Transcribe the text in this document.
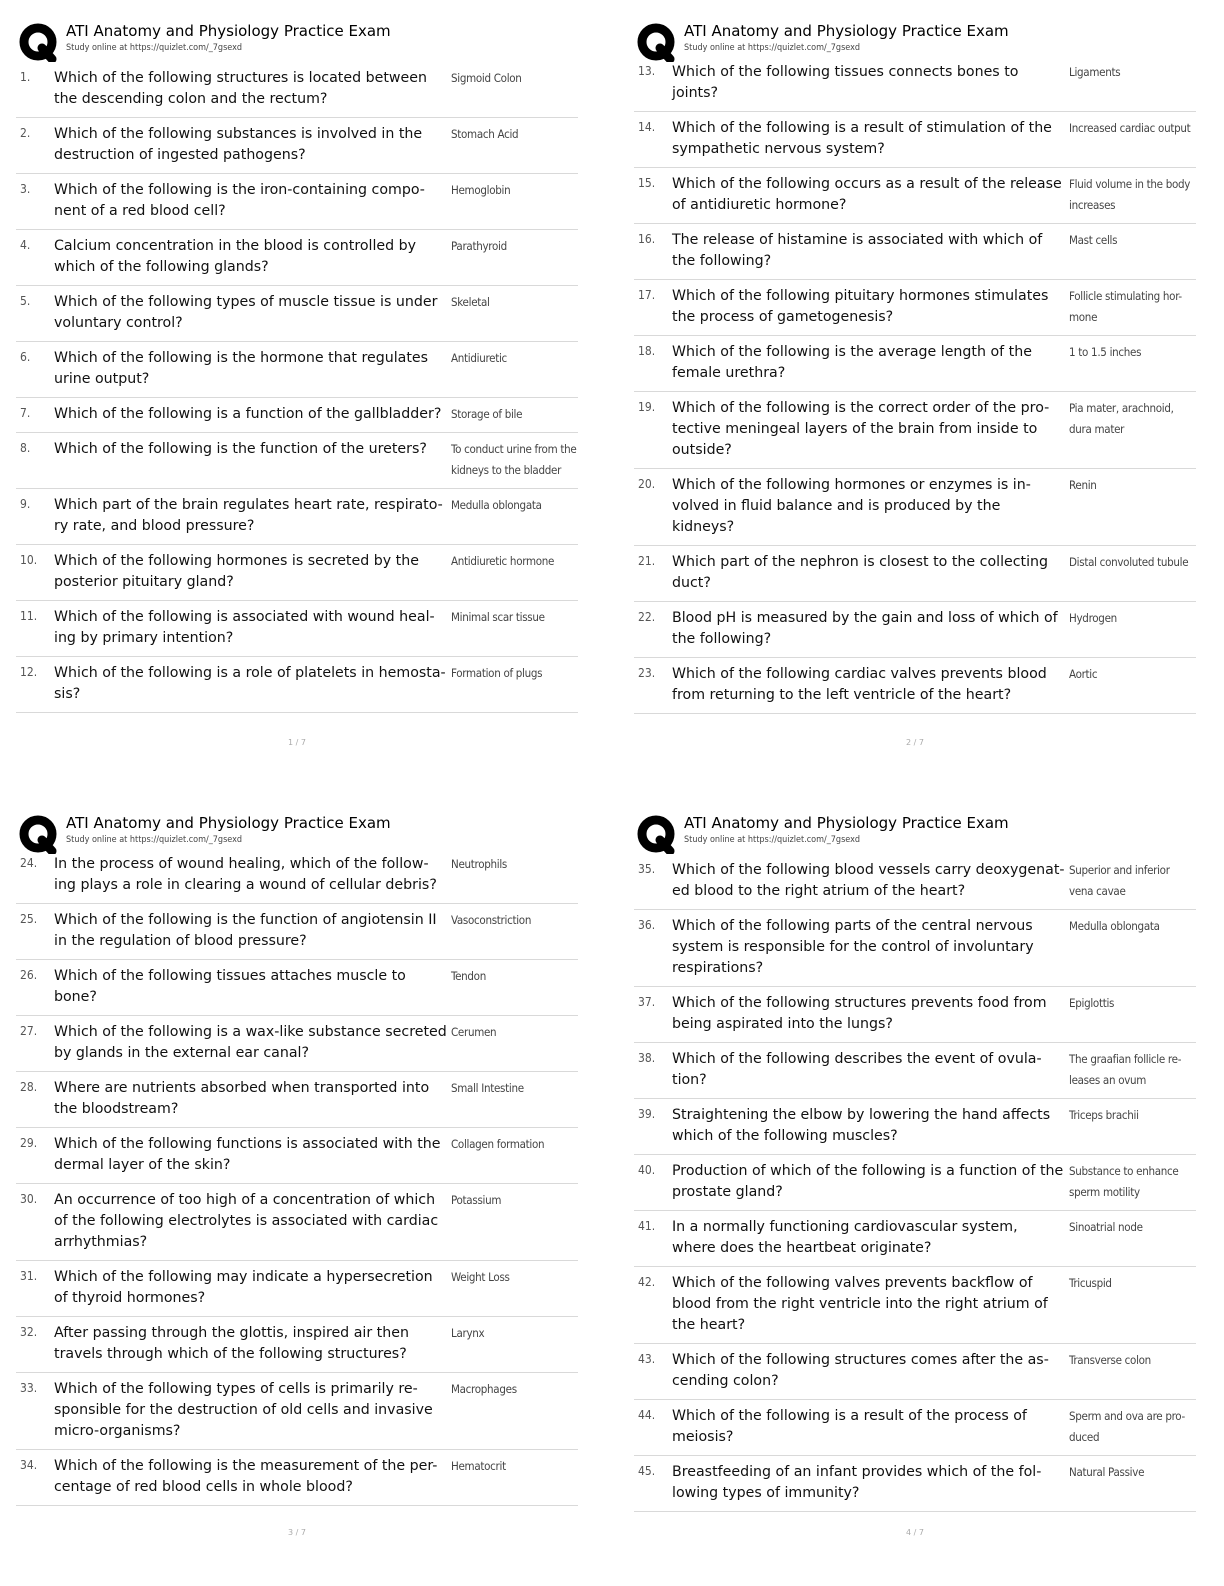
ATI Anatomy and Physiology Practice Exam
Study online at https://quizlet.com/_7gsexd
1.	Which of the following structures is located between the descending colon and the rectum?
Sigmoid Colon
2.	Which of the following substances is involved in the destruction of ingested pathogens?
Stomach Acid
3.	Which of the following is the iron-containing compo- nent of a red blood cell?
Hemoglobin
4.	Calcium concentration in the blood is controlled by which of the following glands?
Parathyroid
5.	Which of the following types of muscle tissue is under voluntary control?
Skeletal
6.	Which of the following is the hormone that regulates urine output?
Antidiuretic
7.	Which of the following is a function of the gallbladder? Storage of bile
8.	Which of the following is the function of the ureters?	To conduct urine from the kidneys to the bladder
9.	Which part of the brain regulates heart rate, respirato- ry rate, and blood pressure?
Medulla oblongata
10.	Which of the following hormones is secreted by the posterior pituitary gland?
Antidiuretic hormone
11.	Which of the following is associated with wound heal- ing by primary intention?
Minimal scar tissue
12.	Which of the following is a role of platelets in hemosta- sis?
Formation of plugs
1 / 7
ATI Anatomy and Physiology Practice Exam
Study online at https://quizlet.com/_7gsexd
13.	Which of the following tissues connects bones to joints?
Ligaments
14.	Which of the following is a result of stimulation of the sympathetic nervous system?
Increased cardiac output
15.	Which of the following occurs as a result of the release of antidiuretic hormone?
Fluid volume in the body increases
16.	The release of histamine is associated with which of the following?
Mast cells
17.	Which of the following pituitary hormones stimulates the process of gametogenesis?
Follicle stimulating hor- mone
18.	Which of the following is the average length of the female urethra?
1 to 1.5 inches
19.	Which of the following is the correct order of the pro- tective meningeal layers of the brain from inside to outside?
Pia mater, arachnoid, dura mater
20.	Which of the following hormones or enzymes is in- volved in fluid balance and is produced by the kidneys?
Renin
21.	Which part of the nephron is closest to the collecting duct?
Distal convoluted tubule
22.	Blood pH is measured by the gain and loss of which of the following?
Hydrogen
23.	Which of the following cardiac valves prevents blood from returning to the left ventricle of the heart?
Aortic
2 / 7
ATI Anatomy and Physiology Practice Exam
Study online at https://quizlet.com/_7gsexd
24.	In the process of wound healing, which of the follow- ing plays a role in clearing a wound of cellular debris?
Neutrophils
25.	Which of the following is the function of angiotensin II in the regulation of blood pressure?
Vasoconstriction
26.	Which of the following tissues attaches muscle to bone?
Tendon
27.	Which of the following is a wax-like substance secreted by glands in the external ear canal?
Cerumen
28.	Where are nutrients absorbed when transported into the bloodstream?
Small Intestine
29.	Which of the following functions is associated with the dermal layer of the skin?
Collagen formation
30.	An occurrence of too high of a concentration of which of the following electrolytes is associated with cardiac arrhythmias?
Potassium
31.	Which of the following may indicate a hypersecretion of thyroid hormones?
Weight Loss
32.	After passing through the glottis, inspired air then travels through which of the following structures?
Larynx
33.	Which of the following types of cells is primarily re- sponsible for the destruction of old cells and invasive micro-organisms?
Macrophages
34.	Which of the following is the measurement of the per- centage of red blood cells in whole blood?
Hematocrit
3 / 7
ATI Anatomy and Physiology Practice Exam
Study online at https://quizlet.com/_7gsexd
35.	Which of the following blood vessels carry deoxygenat- ed blood to the right atrium of the heart?
Superior and inferior vena cavae
36.	Which of the following parts of the central nervous system is responsible for the control of involuntary respirations?
Medulla oblongata
37.	Which of the following structures prevents food from being aspirated into the lungs?
Epiglottis
38.	Which of the following describes the event of ovula- tion?
The graafian follicle re- leases an ovum
39.	Straightening the elbow by lowering the hand affects which of the following muscles?
Triceps brachii
40.	Production of which of the following is a function of the prostate gland?
Substance to enhance sperm motility
41.	In a normally functioning cardiovascular system, where does the heartbeat originate?
Sinoatrial node
42.	Which of the following valves prevents backflow of blood from the right ventricle into the right atrium of the heart?
Tricuspid
43.	Which of the following structures comes after the as- cending colon?
Transverse colon
44.	Which of the following is a result of the process of meiosis?
Sperm and ova are pro- duced
45.	Breastfeeding of an infant provides which of the fol- lowing types of immunity?
Natural Passive
4 / 7
